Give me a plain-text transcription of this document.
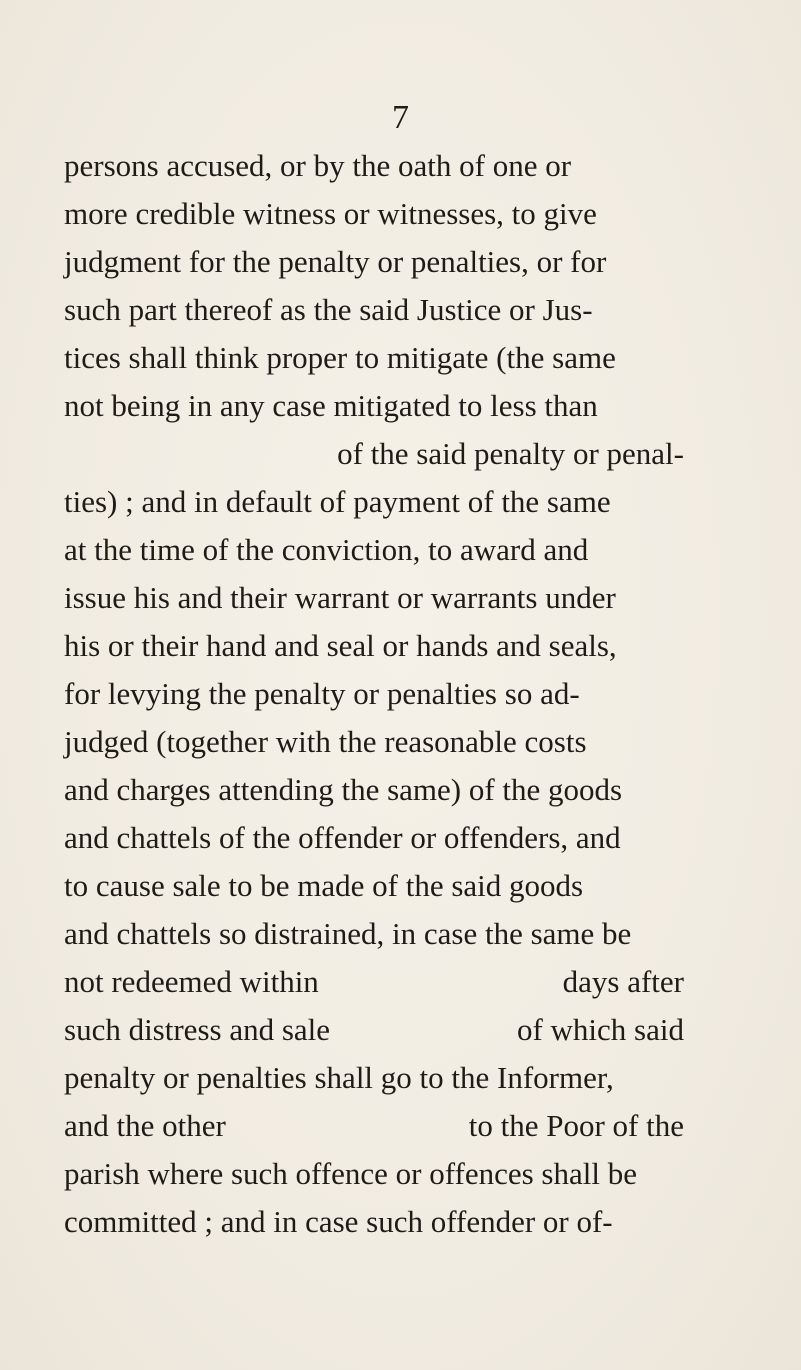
7
persons accused, or by the oath of one or
more credible witness or witnesses, to give
judgment for the penalty or penalties, or for
such part thereof as the said Justice or Jus-
tices shall think proper to mitigate (the same
not being in any case mitigated to less than
of the said penalty or penal-
ties) ; and in default of payment of the same
at the time of the conviction, to award and
issue his and their warrant or warrants under
his or their hand and seal or hands and seals,
for levying the penalty or penalties so ad-
judged (together with the reasonable costs
and charges attending the same) of the goods
and chattels of the offender or offenders, and
to cause sale to be made of the said goods
and chattels so distrained, in case the same be
not redeemed within	days after
such distress and sale	of which said
penalty or penalties shall go to the Informer,
and the other	to the Poor of the
parish where such offence or offences shall be
committed ; and in case such offender or of-
